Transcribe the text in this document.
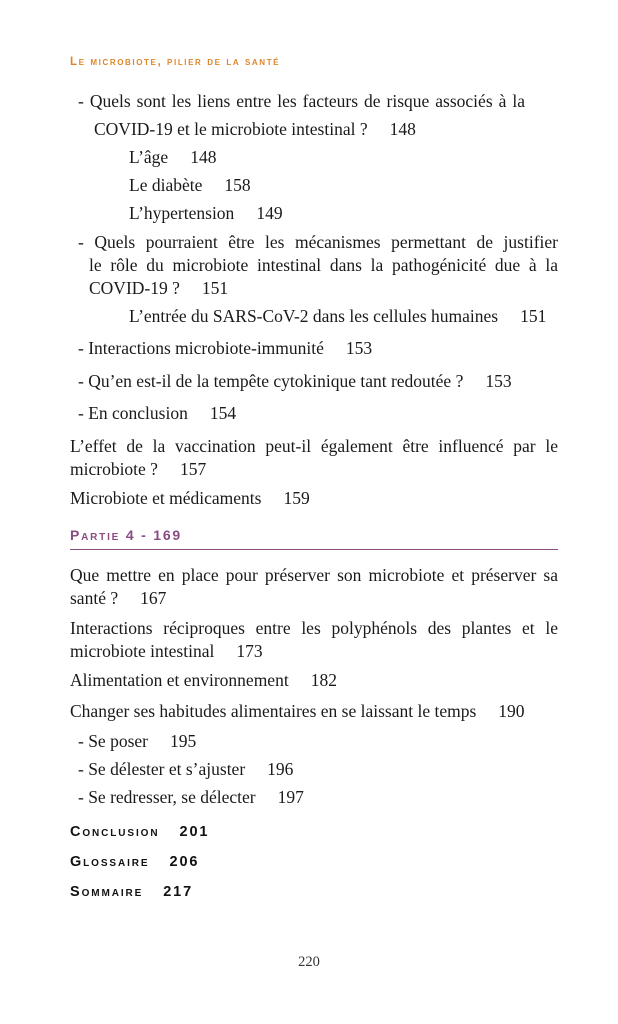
Le microbiote, pilier de la santé
- Quels sont les liens entre les facteurs de risque associés à la
COVID-19 et le microbiote intestinal ? 148
L’âge 148
Le diabète 158
L’hypertension 149
- Quels pourraient être les mécanismes permettant de justifier
le rôle du microbiote intestinal dans la pathogénicité due à la
COVID-19 ? 151
L’entrée du SARS-CoV-2 dans les cellules humaines 151
- Interactions microbiote-immunité 153
- Qu’en est-il de la tempête cytokinique tant redoutée ? 153
- En conclusion 154
L’effet de la vaccination peut-il également être influencé par le
microbiote ? 157
Microbiote et médicaments 159
Partie 4 - 169
Que mettre en place pour préserver son microbiote et préserver sa
santé ? 167
Interactions réciproques entre les polyphénols des plantes et le
microbiote intestinal 173
Alimentation et environnement 182
Changer ses habitudes alimentaires en se laissant le temps 190
- Se poser 195
- Se délester et s’ajuster 196
- Se redresser, se délecter 197
Conclusion 201
Glossaire 206
Sommaire 217
220
